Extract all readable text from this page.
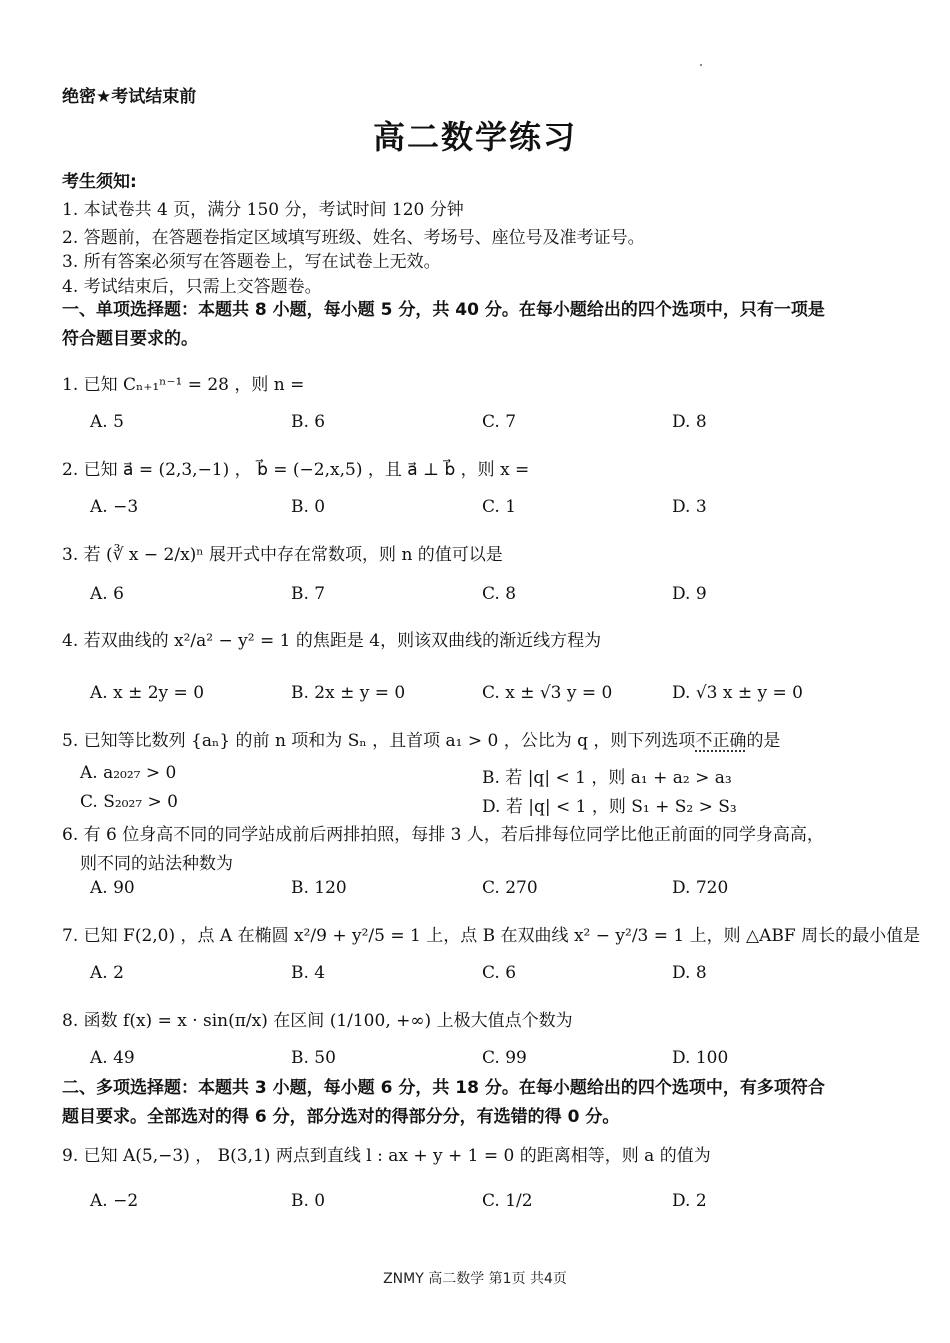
绝密★考试结束前
高二数学练习
考生须知:
1. 本试卷共 4 页，满分 150 分，考试时间 120 分钟
2. 答题前，在答题卷指定区域填写班级、姓名、考场号、座位号及准考证号。
3. 所有答案必须写在答题卷上，写在试卷上无效。
4. 考试结束后，只需上交答题卷。
一、单项选择题：本题共 8 小题，每小题 5 分，共 40 分。在每小题给出的四个选项中，只有一项是
符合题目要求的。
1. 已知 Cₙ₊₁ⁿ⁻¹ = 28 ，则 n =
A. 5	B. 6	C. 7	D. 8
2. 已知 a⃗ = (2,3,−1) ， b⃗ = (−2,x,5) ，且 a⃗ ⊥ b⃗ ，则 x =
A. −3	B. 0	C. 1	D. 3
3. 若 (∛ x − 2/x)ⁿ 展开式中存在常数项，则 n 的值可以是
A. 6	B. 7	C. 8	D. 9
4. 若双曲线的 x²/a² − y² = 1 的焦距是 4，则该双曲线的渐近线方程为
A. x ± 2y = 0	B. 2x ± y = 0	C. x ± √3 y = 0	D. √3 x ± y = 0
5. 已知等比数列 {aₙ} 的前 n 项和为 Sₙ ，且首项 a₁ > 0 ，公比为 q ，则下列选项不正确的是
A. a₂₀₂₇ > 0	B. 若 |q| < 1 ，则 a₁ + a₂ > a₃
C. S₂₀₂₇ > 0	D. 若 |q| < 1 ，则 S₁ + S₂ > S₃
6. 有 6 位身高不同的同学站成前后两排拍照，每排 3 人，若后排每位同学比他正前面的同学身高高，
则不同的站法种数为
A. 90	B. 120	C. 270	D. 720
7. 已知 F(2,0) ，点 A 在椭圆 x²/9 + y²/5 = 1 上，点 B 在双曲线 x² − y²/3 = 1 上，则 △ABF 周长的最小值是
A. 2	B. 4	C. 6	D. 8
8. 函数 f(x) = x · sin(π/x) 在区间 (1/100, +∞) 上极大值点个数为
A. 49	B. 50	C. 99	D. 100
二、多项选择题：本题共 3 小题，每小题 6 分，共 18 分。在每小题给出的四个选项中，有多项符合
题目要求。全部选对的得 6 分，部分选对的得部分分，有选错的得 0 分。
9. 已知 A(5,−3) ， B(3,1) 两点到直线 l : ax + y + 1 = 0 的距离相等，则 a 的值为
A. −2	B. 0	C. 1/2	D. 2
ZNMY 高二数学 第1页 共4页
